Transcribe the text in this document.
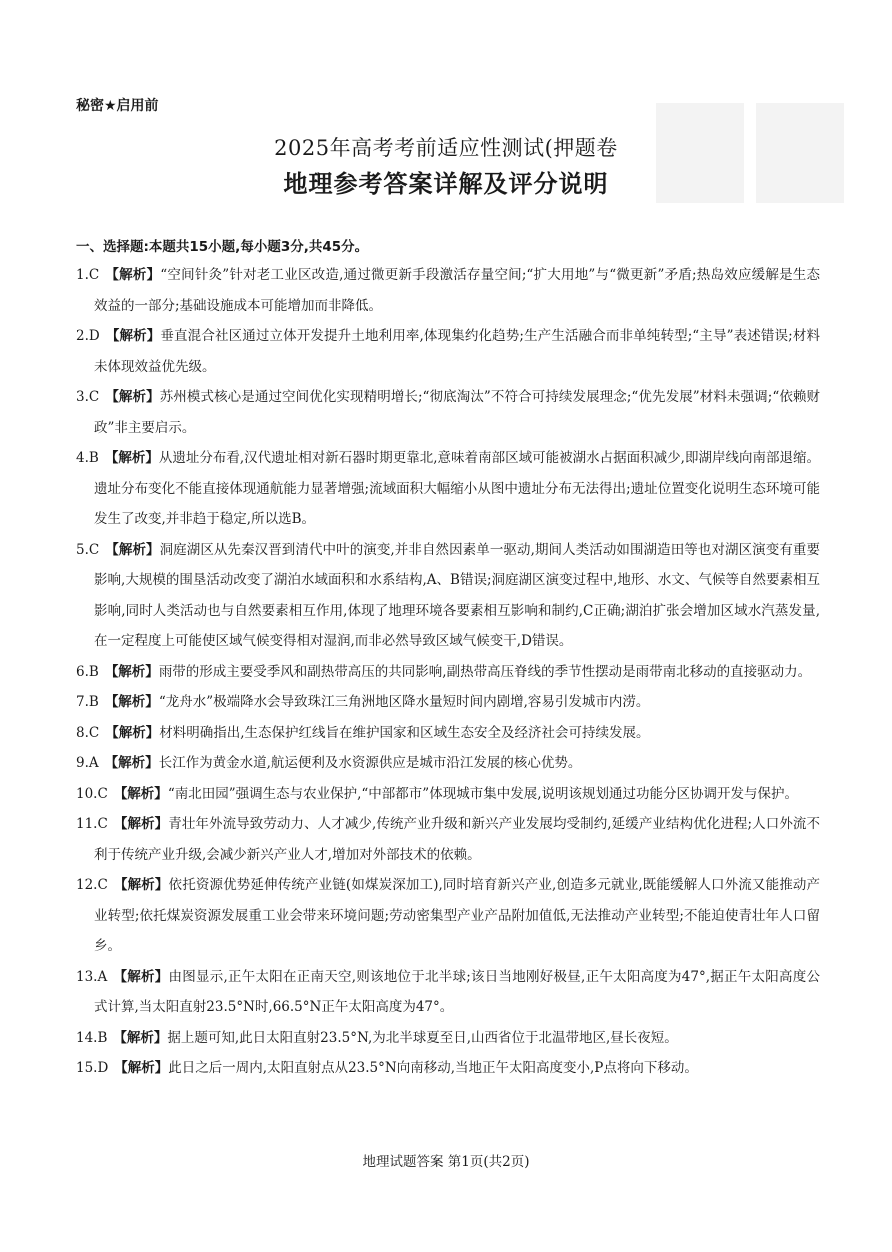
秘密★启用前
2025年高考考前适应性测试(押题卷
地理参考答案详解及评分说明
一、选择题:本题共15小题,每小题3分,共45分。
1.C 【解析】“空间针灸”针对老工业区改造,通过微更新手段激活存量空间;“扩大用地”与“微更新”矛盾;热岛效应缓解是生态效益的一部分;基础设施成本可能增加而非降低。
2.D 【解析】垂直混合社区通过立体开发提升土地利用率,体现集约化趋势;生产生活融合而非单纯转型;“主导”表述错误;材料未体现效益优先级。
3.C 【解析】苏州模式核心是通过空间优化实现精明增长;“彻底淘汰”不符合可持续发展理念;“优先发展”材料未强调;“依赖财政”非主要启示。
4.B 【解析】从遗址分布看,汉代遗址相对新石器时期更靠北,意味着南部区域可能被湖水占据面积减少,即湖岸线向南部退缩。遗址分布变化不能直接体现通航能力显著增强;流域面积大幅缩小从图中遗址分布无法得出;遗址位置变化说明生态环境可能发生了改变,并非趋于稳定,所以选B。
5.C 【解析】洞庭湖区从先秦汉晋到清代中叶的演变,并非自然因素单一驱动,期间人类活动如围湖造田等也对湖区演变有重要影响,大规模的围垦活动改变了湖泊水域面积和水系结构,A、B错误;洞庭湖区演变过程中,地形、水文、气候等自然要素相互影响,同时人类活动也与自然要素相互作用,体现了地理环境各要素相互影响和制约,C正确;湖泊扩张会增加区域水汽蒸发量,在一定程度上可能使区域气候变得相对湿润,而非必然导致区域气候变干,D错误。
6.B 【解析】雨带的形成主要受季风和副热带高压的共同影响,副热带高压脊线的季节性摆动是雨带南北移动的直接驱动力。
7.B 【解析】“龙舟水”极端降水会导致珠江三角洲地区降水量短时间内剧增,容易引发城市内涝。
8.C 【解析】材料明确指出,生态保护红线旨在维护国家和区域生态安全及经济社会可持续发展。
9.A 【解析】长江作为黄金水道,航运便利及水资源供应是城市沿江发展的核心优势。
10.C 【解析】“南北田园”强调生态与农业保护,“中部都市”体现城市集中发展,说明该规划通过功能分区协调开发与保护。
11.C 【解析】青壮年外流导致劳动力、人才减少,传统产业升级和新兴产业发展均受制约,延缓产业结构优化进程;人口外流不利于传统产业升级,会减少新兴产业人才,增加对外部技术的依赖。
12.C 【解析】依托资源优势延伸传统产业链(如煤炭深加工),同时培育新兴产业,创造多元就业,既能缓解人口外流又能推动产业转型;依托煤炭资源发展重工业会带来环境问题;劳动密集型产业产品附加值低,无法推动产业转型;不能迫使青壮年人口留乡。
13.A 【解析】由图显示,正午太阳在正南天空,则该地位于北半球;该日当地刚好极昼,正午太阳高度为47°,据正午太阳高度公式计算,当太阳直射23.5°N时,66.5°N正午太阳高度为47°。
14.B 【解析】据上题可知,此日太阳直射23.5°N,为北半球夏至日,山西省位于北温带地区,昼长夜短。
15.D 【解析】此日之后一周内,太阳直射点从23.5°N向南移动,当地正午太阳高度变小,P点将向下移动。
地理试题答案 第1页(共2页)
